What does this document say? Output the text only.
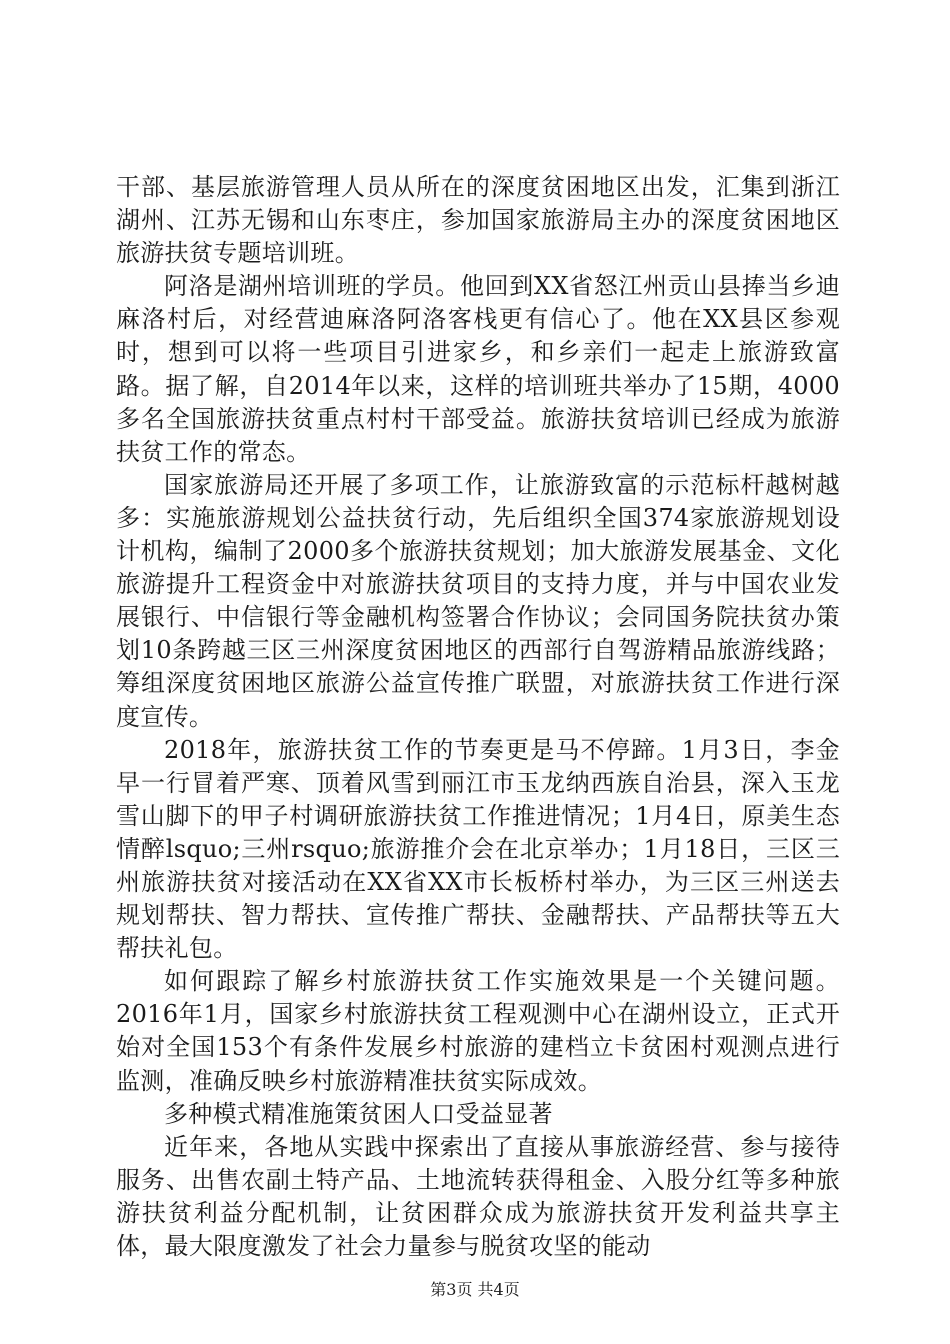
干部、基层旅游管理人员从所在的深度贫困地区出发，汇集到浙江湖州、江苏无锡和山东枣庄，参加国家旅游局主办的深度贫困地区旅游扶贫专题培训班。

阿洛是湖州培训班的学员。他回到XX省怒江州贡山县捧当乡迪麻洛村后，对经营迪麻洛阿洛客栈更有信心了。他在XX县区参观时，想到可以将一些项目引进家乡，和乡亲们一起走上旅游致富路。据了解，自2014年以来，这样的培训班共举办了15期，4000多名全国旅游扶贫重点村村干部受益。旅游扶贫培训已经成为旅游扶贫工作的常态。

国家旅游局还开展了多项工作，让旅游致富的示范标杆越树越多：实施旅游规划公益扶贫行动，先后组织全国374家旅游规划设计机构，编制了2000多个旅游扶贫规划；加大旅游发展基金、文化旅游提升工程资金中对旅游扶贫项目的支持力度，并与中国农业发展银行、中信银行等金融机构签署合作协议；会同国务院扶贫办策划10条跨越三区三州深度贫困地区的西部行自驾游精品旅游线路；筹组深度贫困地区旅游公益宣传推广联盟，对旅游扶贫工作进行深度宣传。

2018年，旅游扶贫工作的节奏更是马不停蹄。1月3日，李金早一行冒着严寒、顶着风雪到丽江市玉龙纳西族自治县，深入玉龙雪山脚下的甲子村调研旅游扶贫工作推进情况；1月4日，原美生态情醉lsquo;三州rsquo;旅游推介会在北京举办；1月18日，三区三州旅游扶贫对接活动在XX省XX市长板桥村举办，为三区三州送去规划帮扶、智力帮扶、宣传推广帮扶、金融帮扶、产品帮扶等五大帮扶礼包。

如何跟踪了解乡村旅游扶贫工作实施效果是一个关键问题。2016年1月，国家乡村旅游扶贫工程观测中心在湖州设立，正式开始对全国153个有条件发展乡村旅游的建档立卡贫困村观测点进行监测，准确反映乡村旅游精准扶贫实际成效。

多种模式精准施策贫困人口受益显著

近年来，各地从实践中探索出了直接从事旅游经营、参与接待服务、出售农副土特产品、土地流转获得租金、入股分红等多种旅游扶贫利益分配机制，让贫困群众成为旅游扶贫开发利益共享主体，最大限度激发了社会力量参与脱贫攻坚的能动

第3页 共4页
